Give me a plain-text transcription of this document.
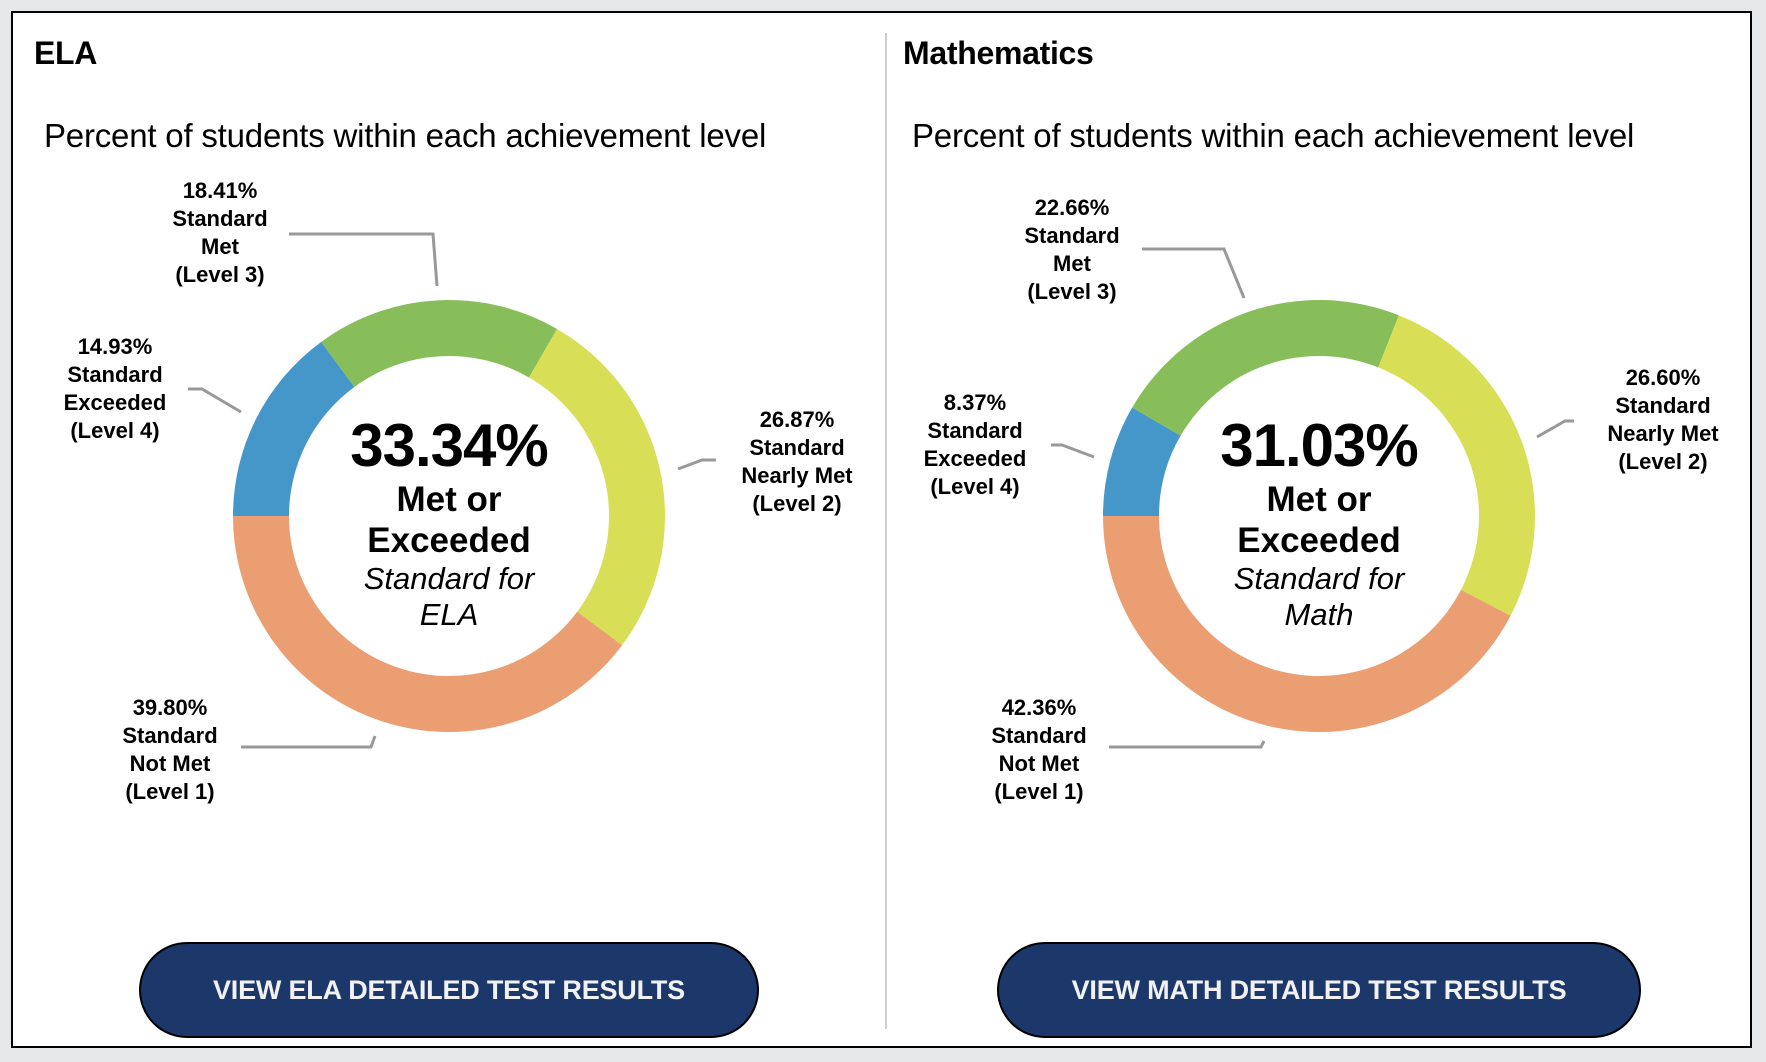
ELA
Percent of students within each achievement level
33.34%
Met or
Exceeded
Standard for
ELA
18.41%
Standard
Met
(Level 3)
14.93%
Standard
Exceeded
(Level 4)	26.87%
Standard
Nearly Met
(Level 2)
39.80%
Standard
Not Met
(Level 1)
VIEW ELA DETAILED TEST RESULTS
Mathematics
Percent of students within each achievement level
31.03%
Met or
Exceeded
Standard for
Math
22.66%
Standard
Met
(Level 3)
8.37%
Standard
Exceeded
(Level 4)
26.60%
Standard
Nearly Met
(Level 2)
42.36%
Standard
Not Met
(Level 1)
VIEW MATH DETAILED TEST RESULTS
